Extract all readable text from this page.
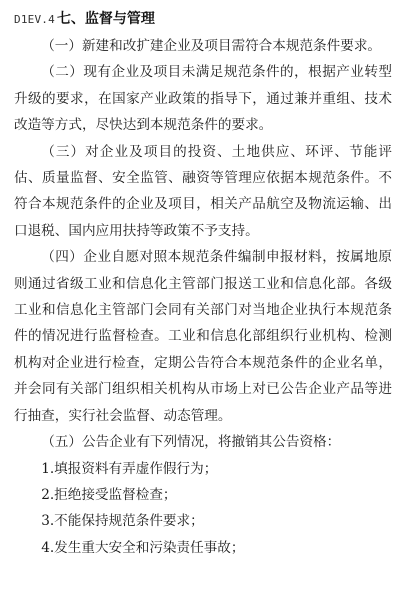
D1EV.4 七、监督与管理

（一）新建和改扩建企业及项目需符合本规范条件要求。

（二）现有企业及项目未满足规范条件的，根据产业转型升级的要求，在国家产业政策的指导下，通过兼并重组、技术改造等方式，尽快达到本规范条件的要求。

（三）对企业及项目的投资、土地供应、环评、节能评估、质量监督、安全监管、融资等管理应依据本规范条件。不符合本规范条件的企业及项目，相关产品航空及物流运输、出口退税、国内应用扶持等政策不予支持。

（四）企业自愿对照本规范条件编制申报材料，按属地原则通过省级工业和信息化主管部门报送工业和信息化部。各级工业和信息化主管部门会同有关部门对当地企业执行本规范条件的情况进行监督检查。工业和信息化部组织行业机构、检测机构对企业进行检查，定期公告符合本规范条件的企业名单，并会同有关部门组织相关机构从市场上对已公告企业产品等进行抽查，实行社会监督、动态管理。

（五）公告企业有下列情况，将撤销其公告资格：

1.填报资料有弄虚作假行为；

2.拒绝接受监督检查；

3.不能保持规范条件要求；

4.发生重大安全和污染责任事故；
